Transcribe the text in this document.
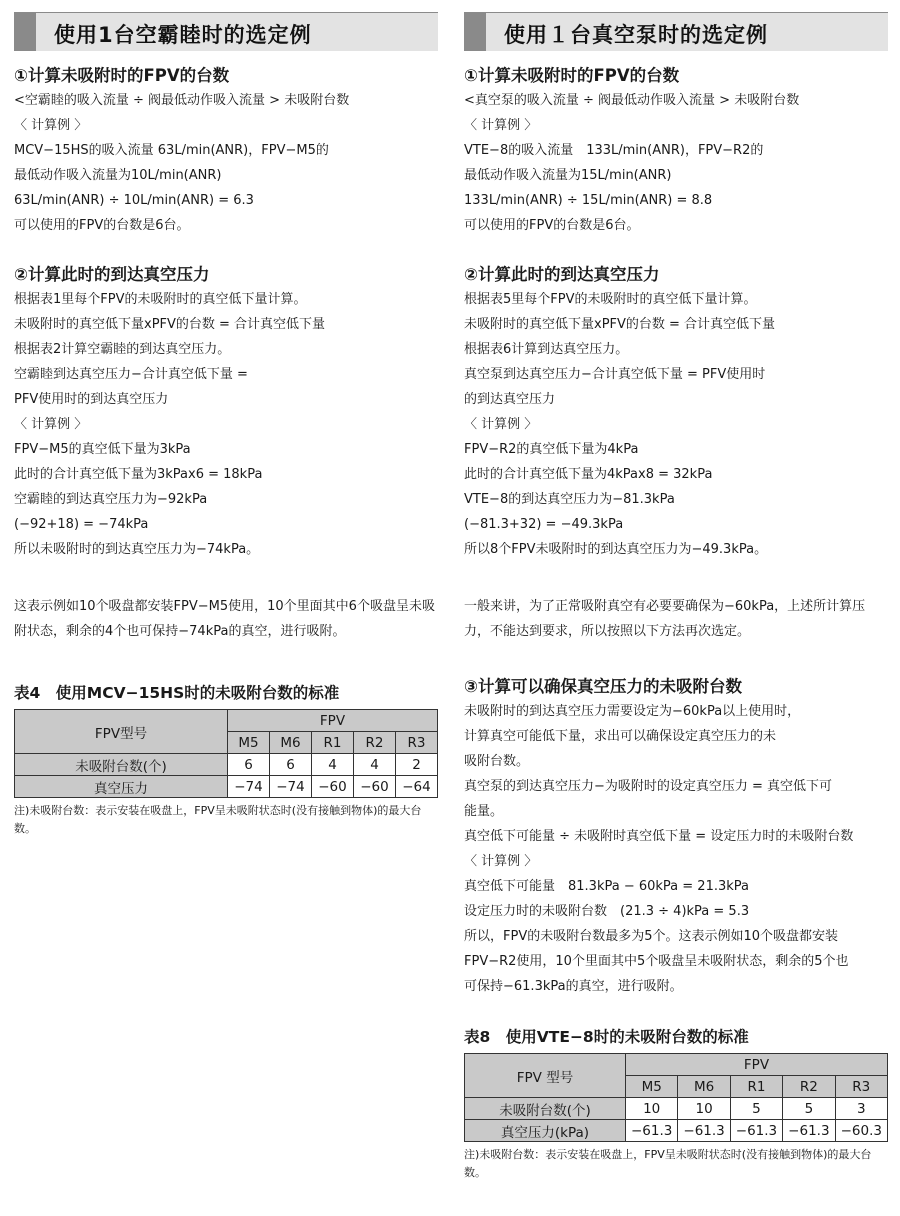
使用1台空霸睦时的选定例

①计算未吸附时的FPV的台数

<空霸睦的吸入流量 ÷ 阀最低动作吸入流量 > 未吸附台数

〈 计算例 〉

MCV−15HS的吸入流量 63L/min(ANR)，FPV−M5的

最低动作吸入流量为10L/min(ANR)

63L/min(ANR) ÷ 10L/min(ANR) = 6.3

可以使用的FPV的台数是6台。

②计算此时的到达真空压力

根据表1里每个FPV的未吸附时的真空低下量计算。

未吸附时的真空低下量xPFV的台数 = 合计真空低下量

根据表2计算空霸睦的到达真空压力。

空霸睦到达真空压力−合计真空低下量 =

PFV使用时的到达真空压力

〈 计算例 〉

FPV−M5的真空低下量为3kPa

此时的合计真空低下量为3kPax6 = 18kPa

空霸睦的到达真空压力为−92kPa

(−92+18) = −74kPa

所以未吸附时的到达真空压力为−74kPa。

这表示例如10个吸盘都安装FPV−M5使用，10个里面其中6个吸盘呈未吸附状态，剩余的4个也可保持−74kPa的真空，进行吸附。

表4　使用MCV−15HS时的未吸附台数的标准

FPV型号	FPV				
	M5	M6	R1	R2	R3
未吸附台数(个)	6	6	4	4	2
真空压力	−74	−74	−60	−60	−64

注)未吸附台数：表示安装在吸盘上，FPV呈未吸附状态时(没有接触到物体)的最大台数。

使用１台真空泵时的选定例

①计算未吸附时的FPV的台数

<真空泵的吸入流量 ÷ 阀最低动作吸入流量 > 未吸附台数

〈 计算例 〉

VTE−8的吸入流量　133L/min(ANR)，FPV−R2的

最低动作吸入流量为15L/min(ANR)

133L/min(ANR) ÷ 15L/min(ANR) = 8.8

可以使用的FPV的台数是6台。

②计算此时的到达真空压力

根据表5里每个FPV的未吸附时的真空低下量计算。

未吸附时的真空低下量xPFV的台数 = 合计真空低下量

根据表6计算到达真空压力。

真空泵到达真空压力−合计真空低下量 = PFV使用时

的到达真空压力

〈 计算例 〉

FPV−R2的真空低下量为4kPa

此时的合计真空低下量为4kPax8 = 32kPa

VTE−8的到达真空压力为−81.3kPa

(−81.3+32) = −49.3kPa

所以8个FPV未吸附时的到达真空压力为−49.3kPa。

一般来讲，为了正常吸附真空有必要要确保为−60kPa，上述所计算压力，不能达到要求，所以按照以下方法再次选定。

③计算可以确保真空压力的未吸附台数

未吸附时的到达真空压力需要设定为−60kPa以上使用时，

计算真空可能低下量，求出可以确保设定真空压力的未

吸附台数。

真空泵的到达真空压力−为吸附时的设定真空压力 = 真空低下可

能量。

真空低下可能量 ÷ 未吸附时真空低下量 = 设定压力时的未吸附台数

〈 计算例 〉

真空低下可能量　81.3kPa − 60kPa = 21.3kPa

设定压力时的未吸附台数　(21.3 ÷ 4)kPa = 5.3

所以，FPV的未吸附台数最多为5个。这表示例如10个吸盘都安装

FPV−R2使用，10个里面其中5个吸盘呈未吸附状态，剩余的5个也

可保持−61.3kPa的真空，进行吸附。

表8　使用VTE−8时的未吸附台数的标准

FPV 型号	FPV				
	M5	M6	R1	R2	R3
未吸附台数(个)	10	10	5	5	3
真空压力(kPa)	−61.3	−61.3	−61.3	−61.3	−60.3

注)未吸附台数：表示安装在吸盘上，FPV呈未吸附状态时(没有接触到物体)的最大台数。
